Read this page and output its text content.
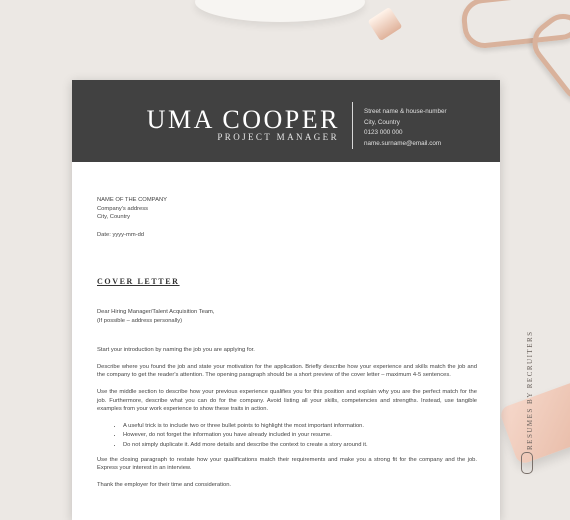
RESUMES BY RECRUITERS
UMA COOPER
PROJECT MANAGER
Street name & house-number
City, Country
0123 000 000
name.surname@email.com

NAME OF THE COMPANY

Company's address

City, Country

Date: yyyy-mm-dd

COVER LETTER

Dear Hiring Manager/Talent Acquisition Team,

(If possible – address personally)

Start your introduction by naming the job you are applying for.

Describe where you found the job and state your motivation for the application. Briefly describe how your experience and skills match the job and the company to get the reader's attention. The opening paragraph should be a short preview of the cover letter – maximum 4-5 sentences.

Use the middle section to describe how your previous experience qualifies you for this position and explain why you are the perfect match for the job. Furthermore, describe what you can do for the company. Avoid listing all your skills, competencies and strengths. Instead, use tangible examples from your work experience to show these traits in action.

• A useful trick is to include two or three bullet points to highlight the most important information.
• However, do not forget the information you have already included in your resume.
• Do not simply duplicate it. Add more details and describe the context to create a story around it.

Use the closing paragraph to restate how your qualifications match their requirements and make you a strong fit for the company and the job. Express your interest in an interview.

Thank the employer for their time and consideration.
